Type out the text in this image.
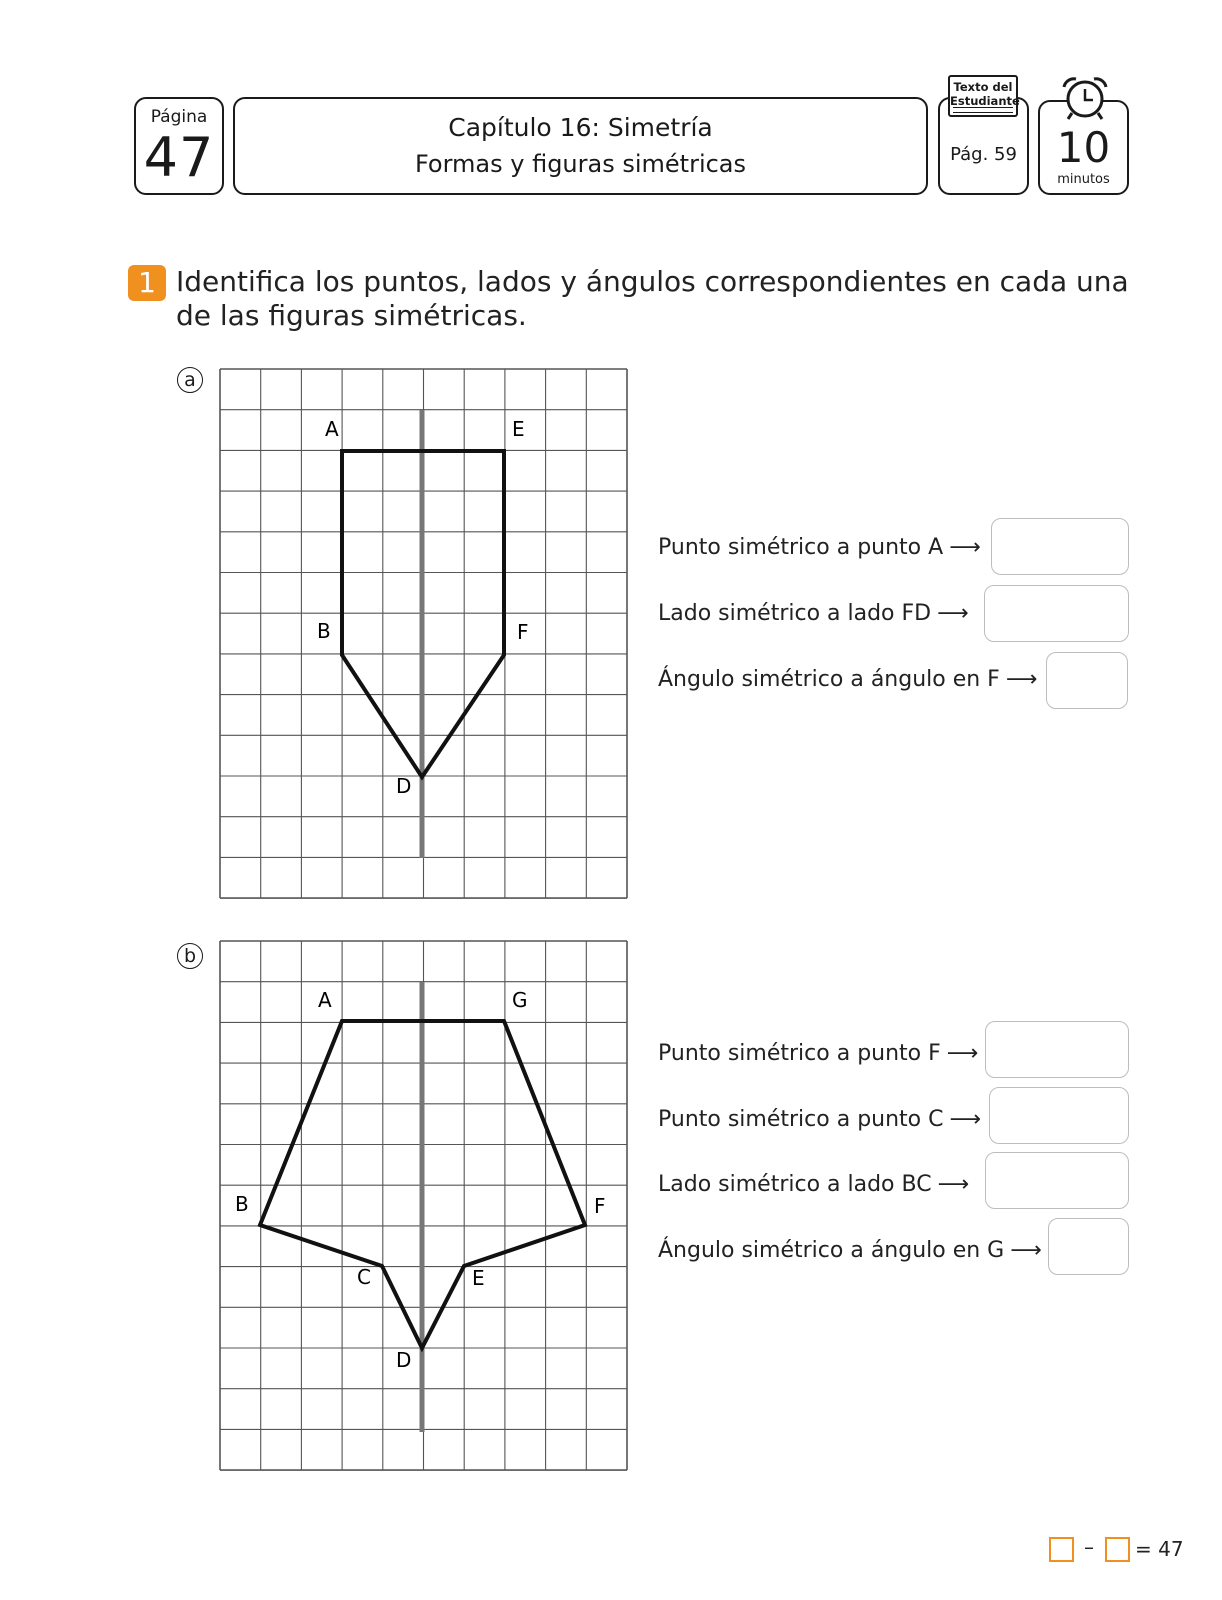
Página
47	Capítulo 16: Simetría
Formas y figuras simétricas
Texto del Estudiante
Pág. 59 10
minutos
1 Identifica los puntos, lados y ángulos correspondientes en cada una de las figuras simétricas.
a
A	E
B	F
D
Punto simétrico a punto A ⟶
Lado simétrico a lado FD ⟶
Ángulo simétrico a ángulo en F ⟶
b
A	G
B	F
C	E
D
Punto simétrico a punto F ⟶
Punto simétrico a punto C ⟶
Lado simétrico a lado BC ⟶
Ángulo simétrico a ángulo en G ⟶
– = 47
